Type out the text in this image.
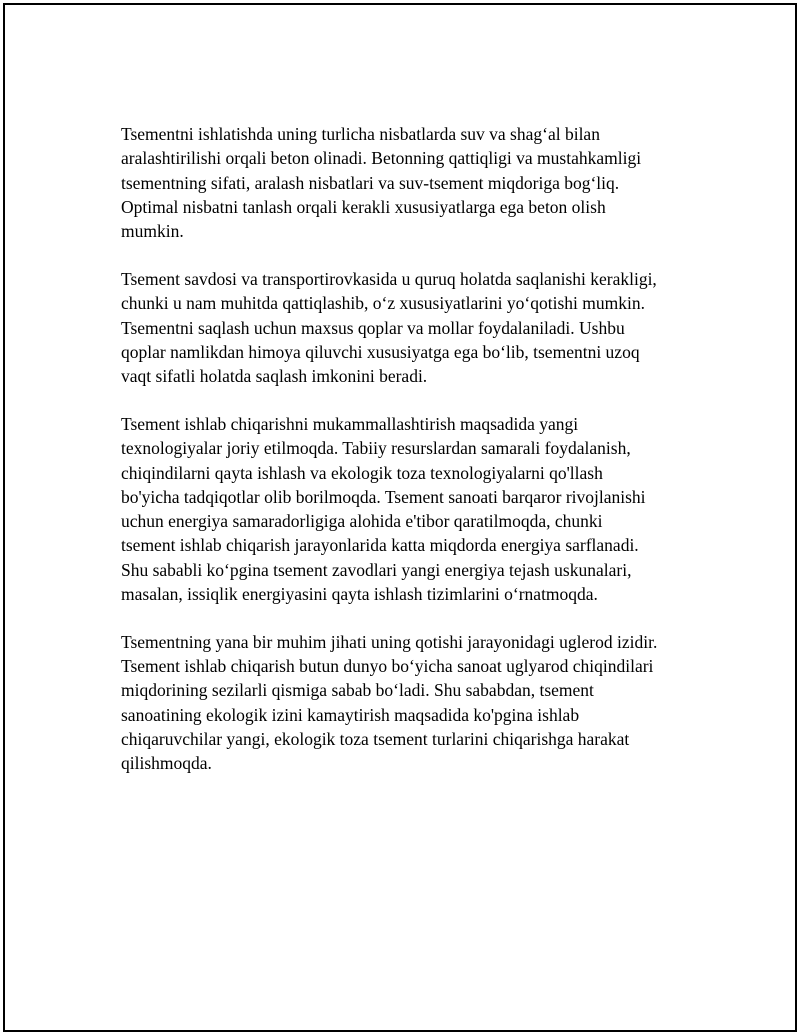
Tsementni ishlatishda uning turlicha nisbatlarda suv va shag‘al bilan
aralashtirilishi orqali beton olinadi. Betonning qattiqligi va mustahkamligi
tsementning sifati, aralash nisbatlari va suv-tsement miqdoriga bog‘liq.
Optimal nisbatni tanlash orqali kerakli xususiyatlarga ega beton olish
mumkin.

Tsement savdosi va transportirovkasida u quruq holatda saqlanishi kerakligi,
chunki u nam muhitda qattiqlashib, o‘z xususiyatlarini yo‘qotishi mumkin.
Tsementni saqlash uchun maxsus qoplar va mollar foydalaniladi. Ushbu
qoplar namlikdan himoya qiluvchi xususiyatga ega bo‘lib, tsementni uzoq
vaqt sifatli holatda saqlash imkonini beradi.

Tsement ishlab chiqarishni mukammallashtirish maqsadida yangi
texnologiyalar joriy etilmoqda. Tabiiy resurslardan samarali foydalanish,
chiqindilarni qayta ishlash va ekologik toza texnologiyalarni qo'llash
bo'yicha tadqiqotlar olib borilmoqda. Tsement sanoati barqaror rivojlanishi
uchun energiya samaradorligiga alohida e'tibor qaratilmoqda, chunki
tsement ishlab chiqarish jarayonlarida katta miqdorda energiya sarflanadi.
Shu sababli ko‘pgina tsement zavodlari yangi energiya tejash uskunalari,
masalan, issiqlik energiyasini qayta ishlash tizimlarini o‘rnatmoqda.

Tsementning yana bir muhim jihati uning qotishi jarayonidagi uglerod izidir.
Tsement ishlab chiqarish butun dunyo bo‘yicha sanoat uglyarod chiqindilari
miqdorining sezilarli qismiga sabab bo‘ladi. Shu sababdan, tsement
sanoatining ekologik izini kamaytirish maqsadida ko'pgina ishlab
chiqaruvchilar yangi, ekologik toza tsement turlarini chiqarishga harakat
qilishmoqda.
